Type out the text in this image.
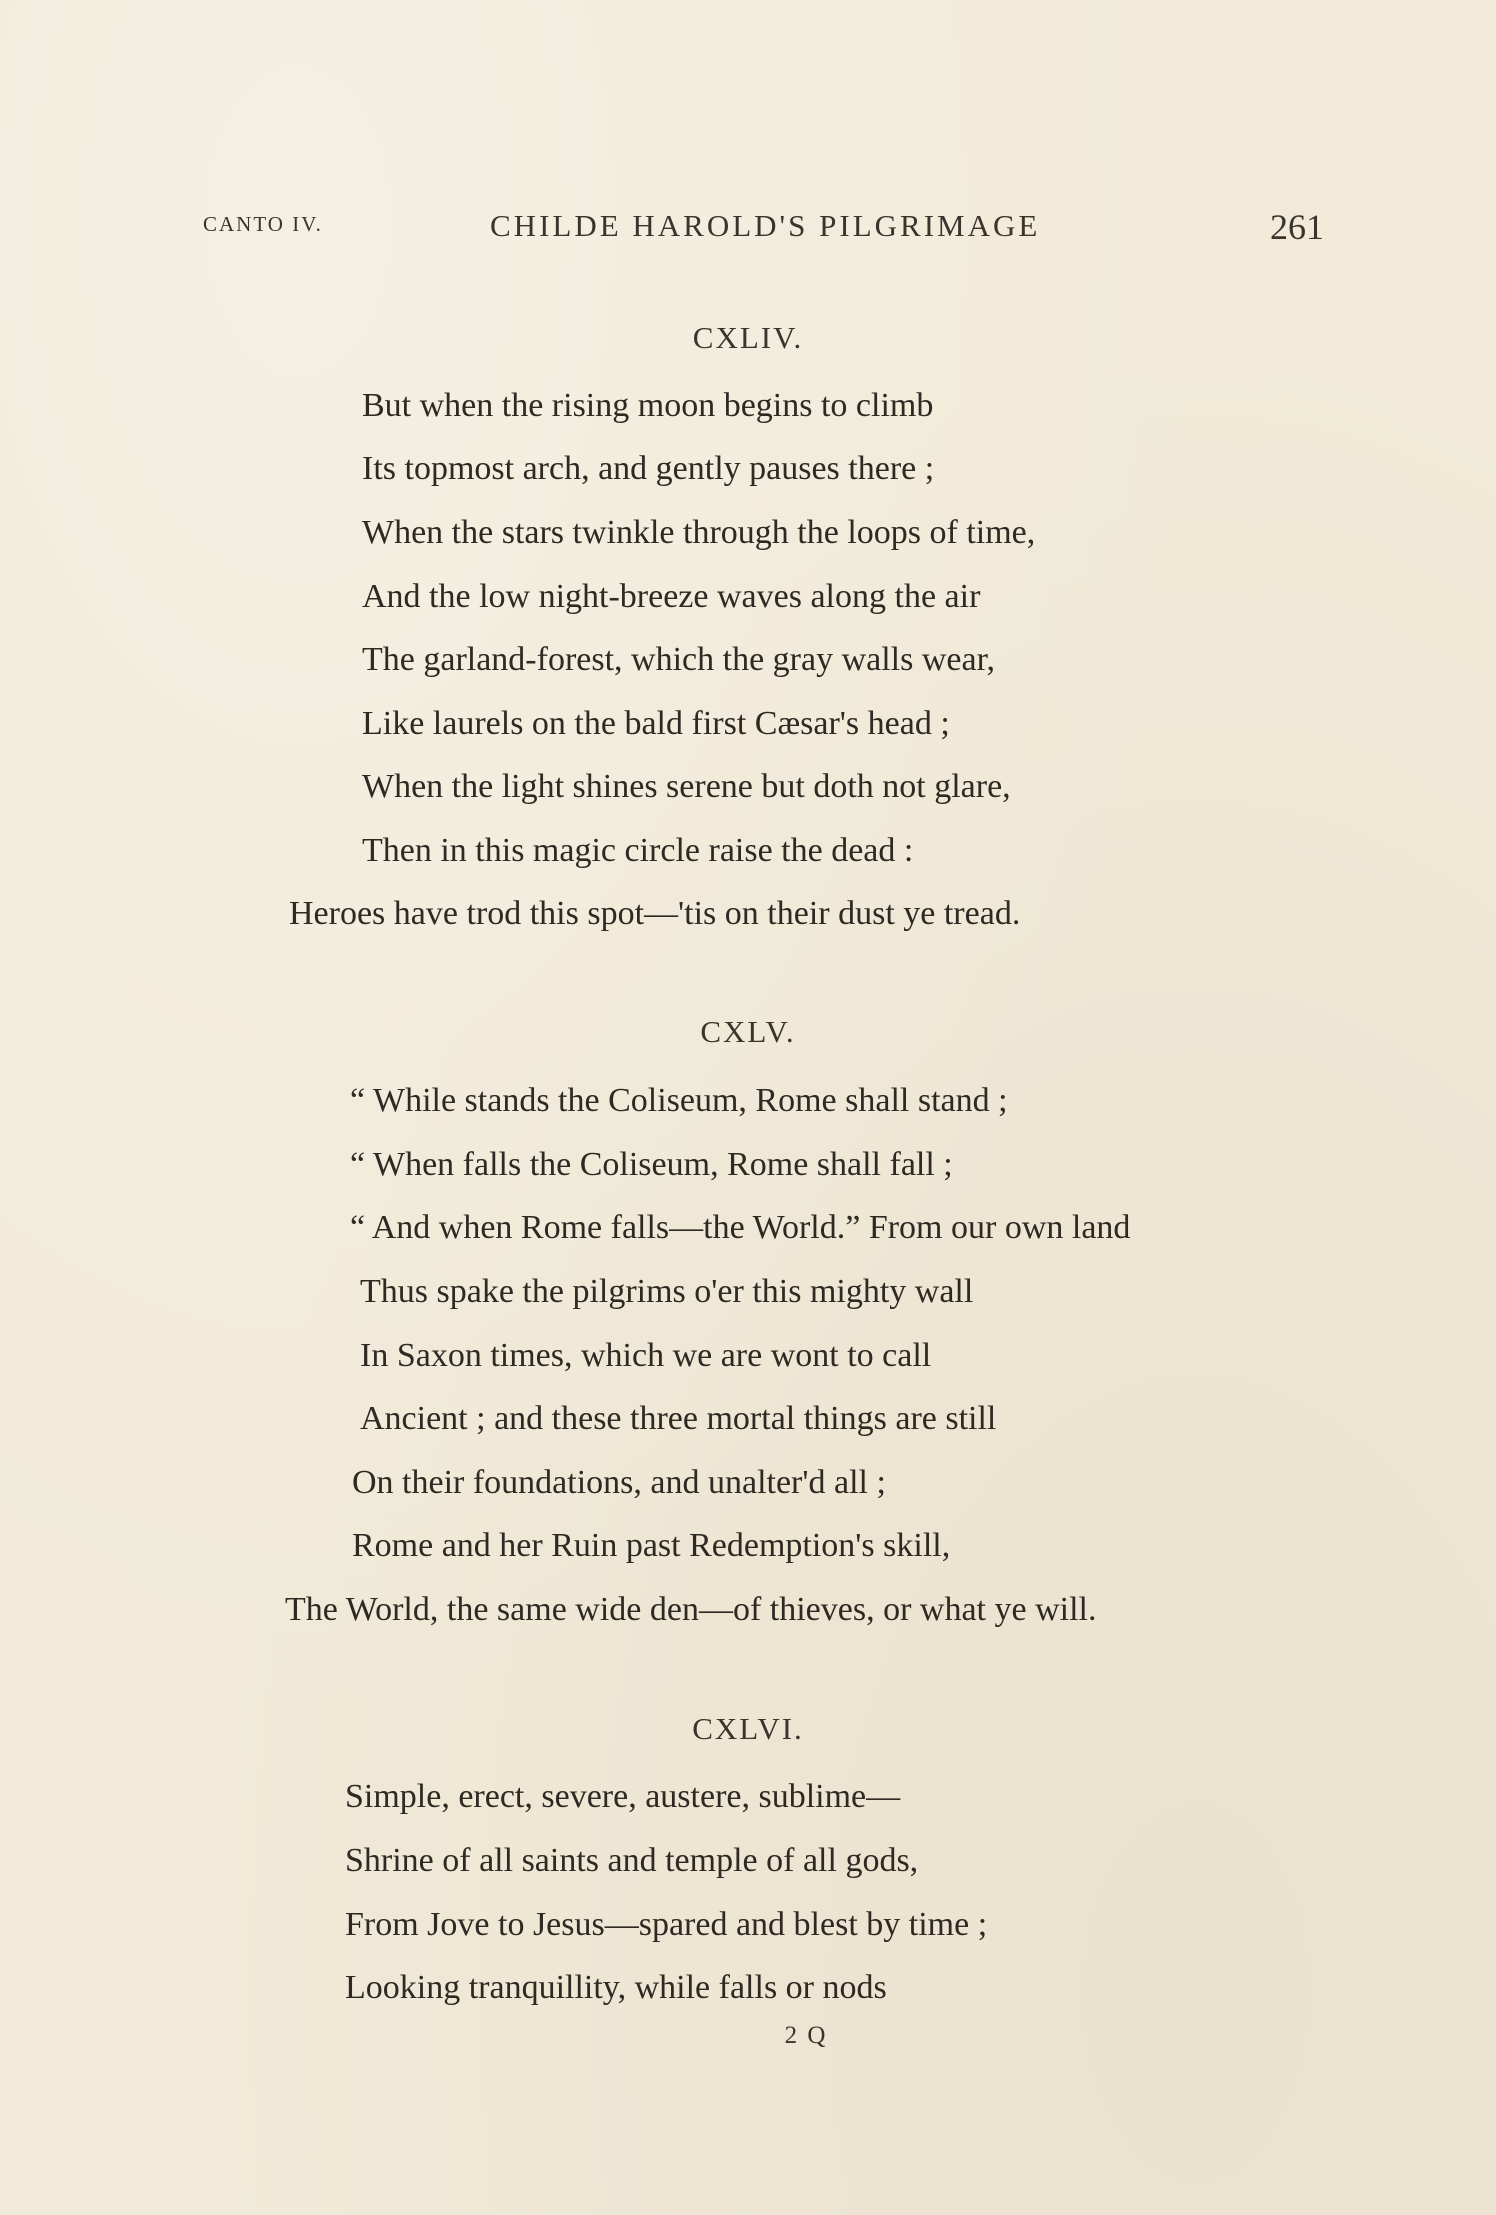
CANTO IV.	CHILDE HAROLD'S PILGRIMAGE	261
CXLIV.
But when the rising moon begins to climb
Its topmost arch, and gently pauses there ;
When the stars twinkle through the loops of time,
And the low night-breeze waves along the air
The garland-forest, which the gray walls wear,
Like laurels on the bald first Cæsar's head ;
When the light shines serene but doth not glare,
Then in this magic circle raise the dead :
Heroes have trod this spot—'tis on their dust ye tread.
CXLV.
“ While stands the Coliseum, Rome shall stand ;
“ When falls the Coliseum, Rome shall fall ;
“ And when Rome falls—the World.” From our own land
Thus spake the pilgrims o'er this mighty wall
In Saxon times, which we are wont to call
Ancient ; and these three mortal things are still
On their foundations, and unalter'd all ;
Rome and her Ruin past Redemption's skill,
The World, the same wide den—of thieves, or what ye will.
CXLVI.
Simple, erect, severe, austere, sublime—
Shrine of all saints and temple of all gods,
From Jove to Jesus—spared and blest by time ;
Looking tranquillity, while falls or nods
2 Q
